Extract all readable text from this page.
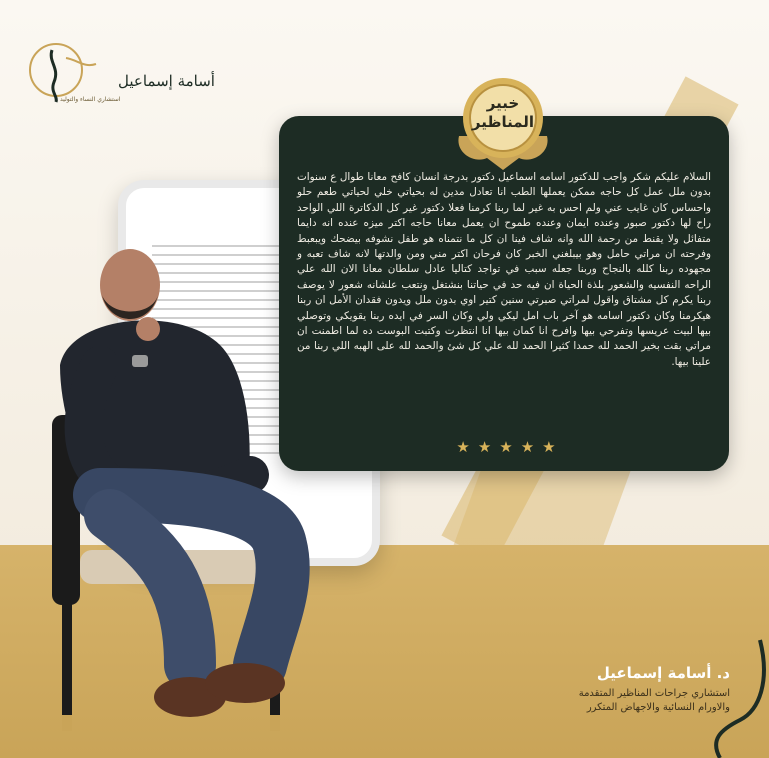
أسامة إسماعيل
استشاري النساء والتوليد
السلام عليكم شكر واجب للدكتور اسامه اسماعيل دكتور بدرجة انسان كافح معانا طوال ع سنوات بدون ملل عمل كل حاجه ممكن يعملها الطب انا تعادل مدين له بحياتي خلي لحياتي طعم حلو واحساس كان غايب عني ولم احس به غير لما ربنا كرمنا فعلا دكتور غير كل الدكاترة اللي الواحد راح لها دكتور صبور وعنده ايمان وعنده طموح ان يعمل معانا حاجه اكتر ميزه عنده انه دايما متفائل ولا يقنط من رحمة الله وانه شاف فينا ان كل ما نتمناه هو طفل نشوفه بيضحك ويبعبط وفرحته ان مراتي حامل وهو بيبلغني الخبر كان فرحان اكتر مني ومن والدتها لانه شاف تعبه و مجهوده ربنا كلله بالنجاح وربنا جعله سبب في تواجد كتاليا عادل سلطان معانا الان الله علي الراحه النفسيه والشعور بلذة الحياة ان فيه حد في حياتنا بنشتغل ونتعب علشانه شعور لا يوصف ربنا يكرم كل مشتاق واقول لمراتي صبرتي سنين كتير اوي بدون ملل ويدون فقدان الأمل ان ربنا هيكرمنا وكان دكتور اسامه هو آخر باب امل ليكي ولي وكان السر في ايده ربنا يقويكي وتوصلي بيها لبيت عريسها وتفرحي بيها وافرح انا كمان بيها انا انتظرت وكتبت البوست ده لما اطمنت ان مراتي بقت بخير الحمد لله حمدا كثيرا الحمد لله علي كل شئ والحمد لله على الهبه اللي ربنا من علينا بيها.
★ ★ ★ ★ ★
خبير
المناظير
د. أسامة إسماعيل
استشاري جراحات المناظير المتقدمة
والاورام النسائية والاجهاض المتكرر
